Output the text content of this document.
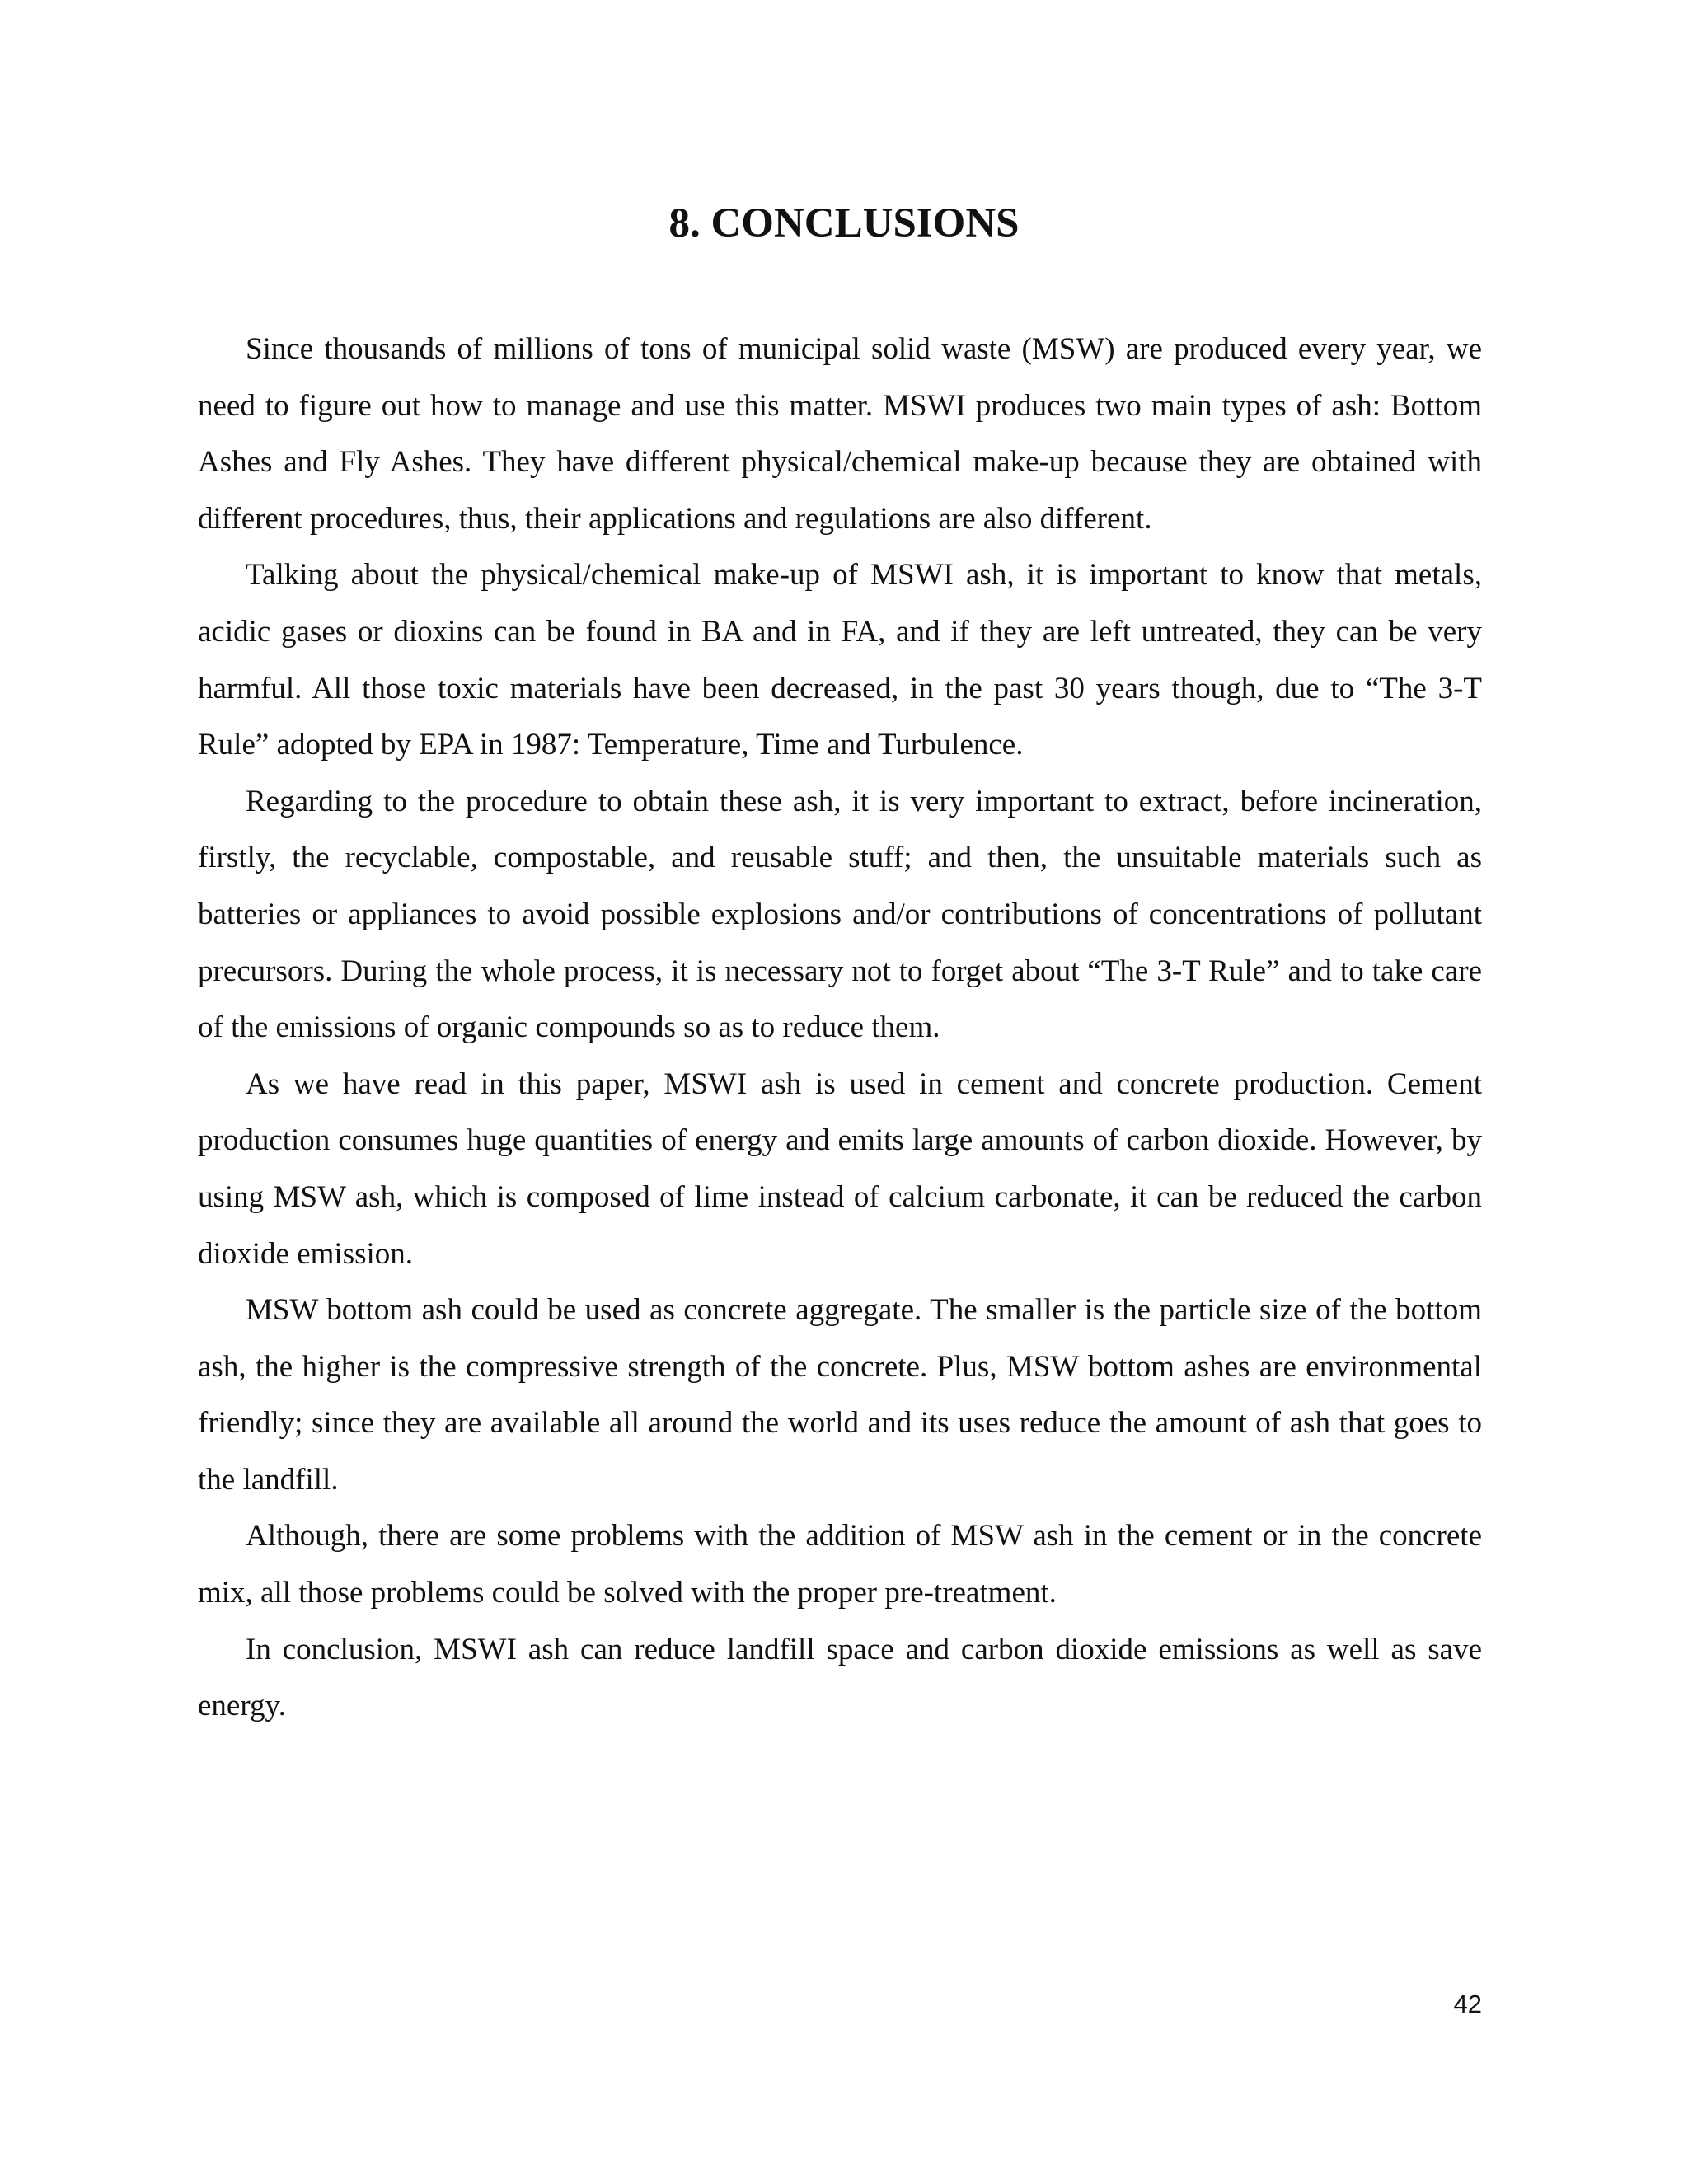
8. CONCLUSIONS

Since thousands of millions of tons of municipal solid waste (MSW) are produced every year, we need to figure out how to manage and use this matter. MSWI produces two main types of ash: Bottom Ashes and Fly Ashes. They have different physical/chemical make-up because they are obtained with different procedures, thus, their applications and regulations are also different.

Talking about the physical/chemical make-up of MSWI ash, it is important to know that metals, acidic gases or dioxins can be found in BA and in FA, and if they are left untreated, they can be very harmful. All those toxic materials have been decreased, in the past 30 years though, due to “The 3-T Rule” adopted by EPA in 1987: Temperature, Time and Turbulence.

Regarding to the procedure to obtain these ash, it is very important to extract, before incineration, firstly, the recyclable, compostable, and reusable stuff; and then, the unsuitable materials such as batteries or appliances to avoid possible explosions and/or contributions of concentrations of pollutant precursors. During the whole process, it is necessary not to forget about “The 3-T Rule” and to take care of the emissions of organic compounds so as to reduce them.

As we have read in this paper, MSWI ash is used in cement and concrete production. Cement production consumes huge quantities of energy and emits large amounts of carbon dioxide. However, by using MSW ash, which is composed of lime instead of calcium carbonate, it can be reduced the carbon dioxide emission.

MSW bottom ash could be used as concrete aggregate. The smaller is the particle size of the bottom ash, the higher is the compressive strength of the concrete. Plus, MSW bottom ashes are environmental friendly; since they are available all around the world and its uses reduce the amount of ash that goes to the landfill.

Although, there are some problems with the addition of MSW ash in the cement or in the concrete mix, all those problems could be solved with the proper pre-treatment.

In conclusion, MSWI ash can reduce landfill space and carbon dioxide emissions as well as save energy.

42
